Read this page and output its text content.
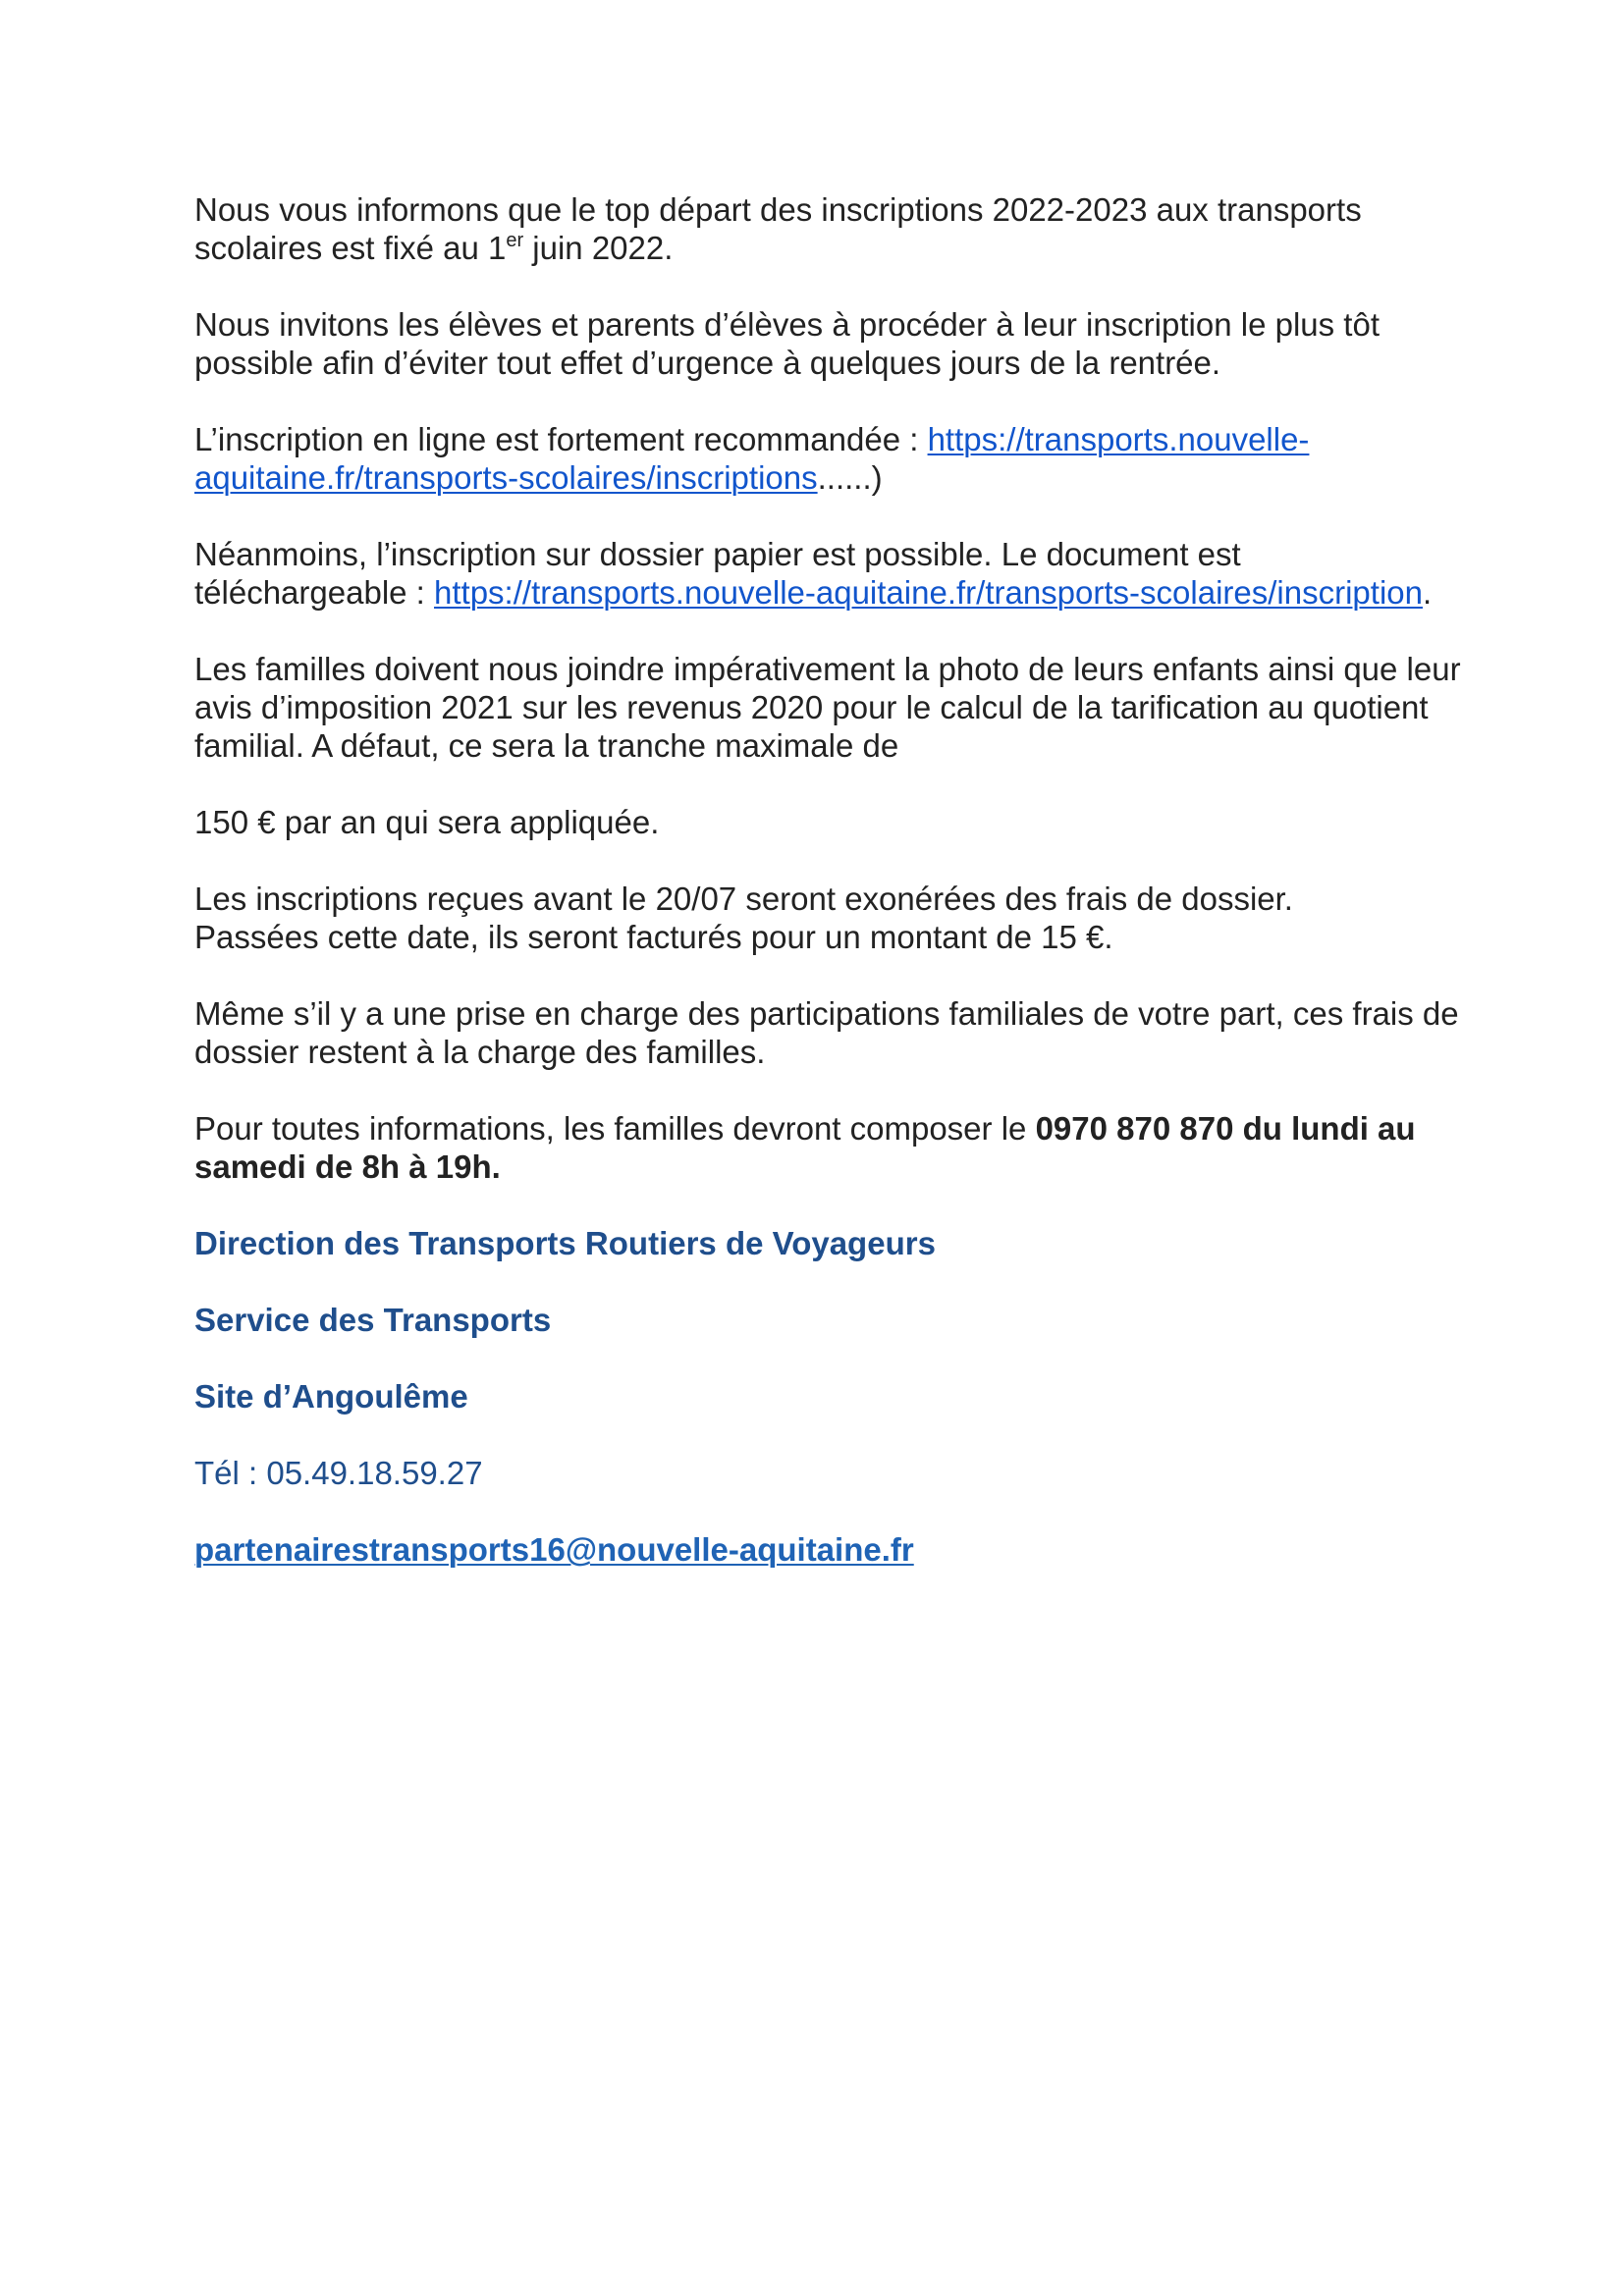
Nous vous informons que le top départ des inscriptions 2022-2023 aux transports scolaires est fixé au 1er juin 2022.

Nous invitons les élèves et parents d’élèves à procéder à leur inscription le plus tôt possible afin d’éviter tout effet d’urgence à quelques jours de la rentrée.

L’inscription en ligne est fortement recommandée : https://transports.nouvelle-aquitaine.fr/transports-scolaires/inscriptions......)

Néanmoins, l’inscription sur dossier papier est possible. Le document est téléchargeable : https://transports.nouvelle-aquitaine.fr/transports-scolaires/inscription.

Les familles doivent nous joindre impérativement la photo de leurs enfants ainsi que leur avis d’imposition 2021 sur les revenus 2020 pour le calcul de la tarification au quotient familial. A défaut, ce sera la tranche maximale de

150 € par an qui sera appliquée.

Les inscriptions reçues avant le 20/07 seront exonérées des frais de dossier.
Passées cette date, ils seront facturés pour un montant de 15 €.

Même s’il y a une prise en charge des participations familiales de votre part, ces frais de dossier restent à la charge des familles.

Pour toutes informations, les familles devront composer le 0970 870 870 du lundi au samedi de 8h à 19h.

Direction des Transports Routiers de Voyageurs

Service des Transports

Site d’Angoulême

Tél : 05.49.18.59.27

partenairestransports16@nouvelle-aquitaine.fr
